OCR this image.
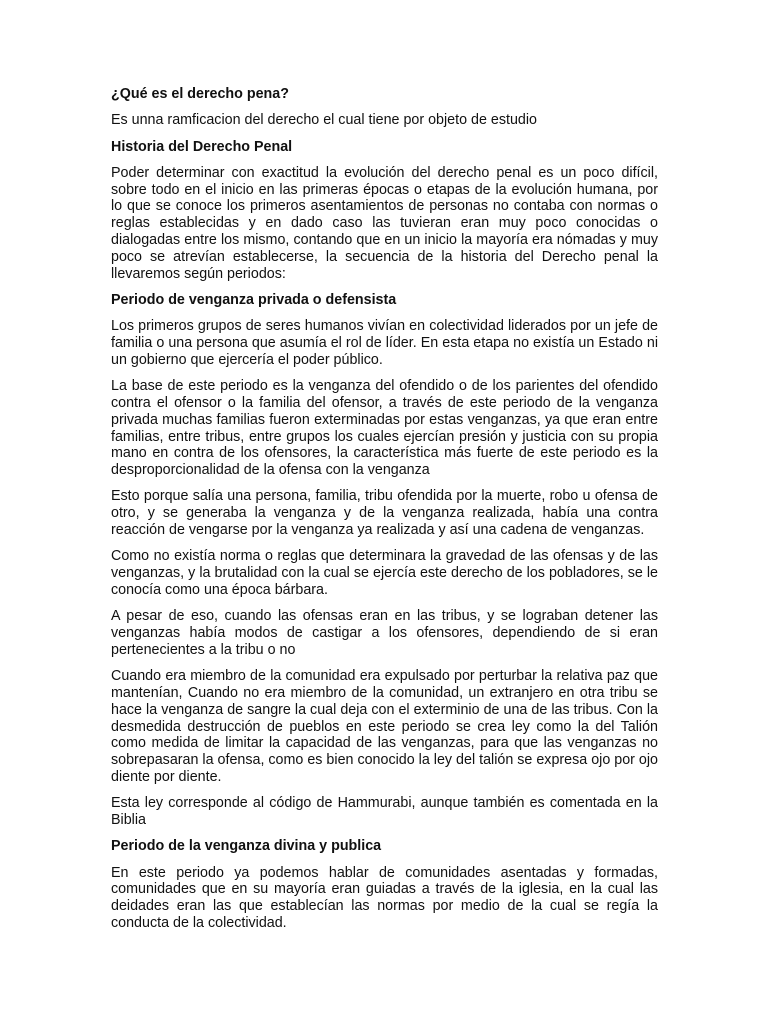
¿Qué es el derecho pena?

Es unna ramficacion del derecho el cual tiene por objeto de estudio

Historia del Derecho Penal

Poder determinar con exactitud la evolución del derecho penal es un poco difícil, sobre todo en el inicio en las primeras épocas o etapas de la evolución humana, por lo que se conoce los primeros asentamientos de personas no contaba con normas o reglas establecidas y en dado caso las tuvieran eran muy poco conocidas o dialogadas entre los mismo, contando que en un inicio la mayoría era nómadas y muy poco se atrevían establecerse, la secuencia de la historia del Derecho penal la llevaremos según periodos:

Periodo de venganza privada o defensista

Los primeros grupos de seres humanos vivían en colectividad liderados por un jefe de familia o una persona que asumía el rol de líder. En esta etapa no existía un Estado ni un gobierno que ejercería el poder público.

La base de este periodo es la venganza del ofendido o de los parientes del ofendido contra el ofensor o la familia del ofensor, a través de este periodo de la venganza privada muchas familias fueron exterminadas por estas venganzas, ya que eran entre familias, entre tribus, entre grupos los cuales ejercían presión y justicia con su propia mano en contra de los ofensores, la característica más fuerte de este periodo es la desproporcionalidad de la ofensa con la venganza

Esto porque salía una persona, familia, tribu ofendida por la muerte, robo u ofensa de otro, y se generaba la venganza y de la venganza realizada, había una contra reacción de vengarse por la venganza ya realizada y así una cadena de venganzas.

Como no existía norma o reglas que determinara la gravedad de las ofensas y de las venganzas, y la brutalidad con la cual se ejercía este derecho de los pobladores, se le conocía como una época bárbara.

A pesar de eso, cuando las ofensas eran en las tribus, y se lograban detener las venganzas había modos de castigar a los ofensores, dependiendo de si eran pertenecientes a la tribu o no

Cuando era miembro de la comunidad era expulsado por perturbar la relativa paz que mantenían, Cuando no era miembro de la comunidad, un extranjero en otra tribu se hace la venganza de sangre la cual deja con el exterminio de una de las tribus. Con la desmedida destrucción de pueblos en este periodo se crea ley como la del Talión como medida de limitar la capacidad de las venganzas, para que las venganzas no sobrepasaran la ofensa, como es bien conocido la ley del talión se expresa ojo por ojo diente por diente.

Esta ley corresponde al código de Hammurabi, aunque también es comentada en la Biblia

Periodo de la venganza divina y publica

En este periodo ya podemos hablar de comunidades asentadas y formadas, comunidades que en su mayoría eran guiadas a través de la iglesia, en la cual las deidades eran las que establecían las normas por medio de la cual se regía la conducta de la colectividad.
